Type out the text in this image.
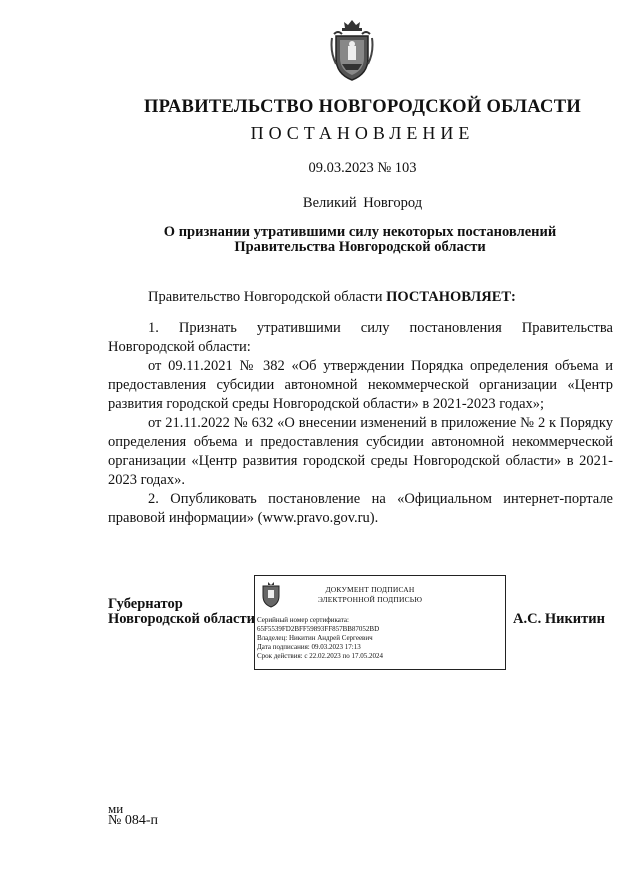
ПРАВИТЕЛЬСТВО НОВГОРОДСКОЙ ОБЛАСТИ
ПОСТАНОВЛЕНИЕ
09.03.2023 № 103
Великий Новгород
О признании утратившими силу некоторых постановлений
Правительства Новгородской области

Правительство Новгородской области ПОСТАНОВЛЯЕТ:

1. Признать утратившими силу постановления Правительства Новгородской области:

от 09.11.2021 № 382 «Об утверждении Порядка определения объема и предоставления субсидии автономной некоммерческой организации «Центр развития городской среды Новгородской области» в 2021-2023 годах»;

от 21.11.2022 № 632 «О внесении изменений в приложение № 2 к Порядку определения объема и предоставления субсидии автономной некоммерческой организации «Центр развития городской среды Новгородской области» в 2021-2023 годах».

2. Опубликовать постановление на «Официальном интернет-портале правовой информации» (www.pravo.gov.ru).

Губернатор
Новгородской области
ДОКУМЕНТ ПОДПИСАН
ЭЛЕКТРОННОЙ ПОДПИСЬЮ
Серийный номер сертификата:
65F5539FD2BFF59893FF857BB87052BD
Владелец: Никитин Андрей Сергеевич
Дата подписания: 09.03.2023 17:13
Срок действия: с 22.02.2023 по 17.05.2024
А.С. Никитин
ми
№ 084-п
